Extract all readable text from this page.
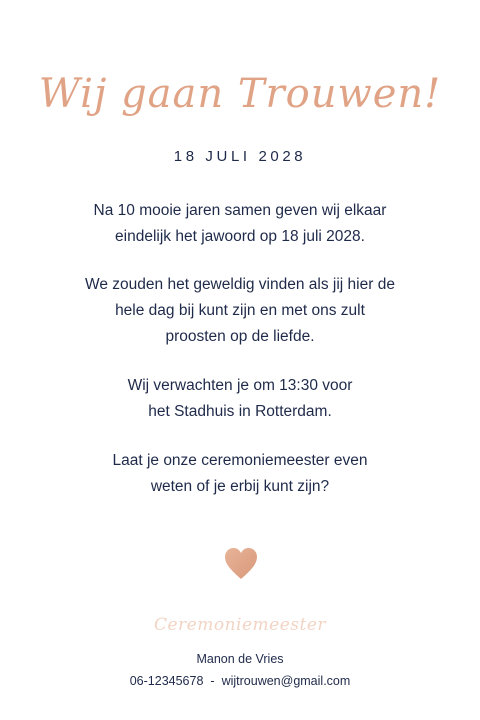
Wij gaan Trouwen!
18 JULI 2028
Na 10 mooie jaren samen geven wij elkaar
eindelijk het jawoord op 18 juli 2028.
We zouden het geweldig vinden als jij hier de
hele dag bij kunt zijn en met ons zult
proosten op de liefde.
Wij verwachten je om 13:30 voor
het Stadhuis in Rotterdam.
Laat je onze ceremoniemeester even
weten of je erbij kunt zijn?
Ceremoniemeester
Manon de Vries
06-12345678 - wijtrouwen@gmail.com
